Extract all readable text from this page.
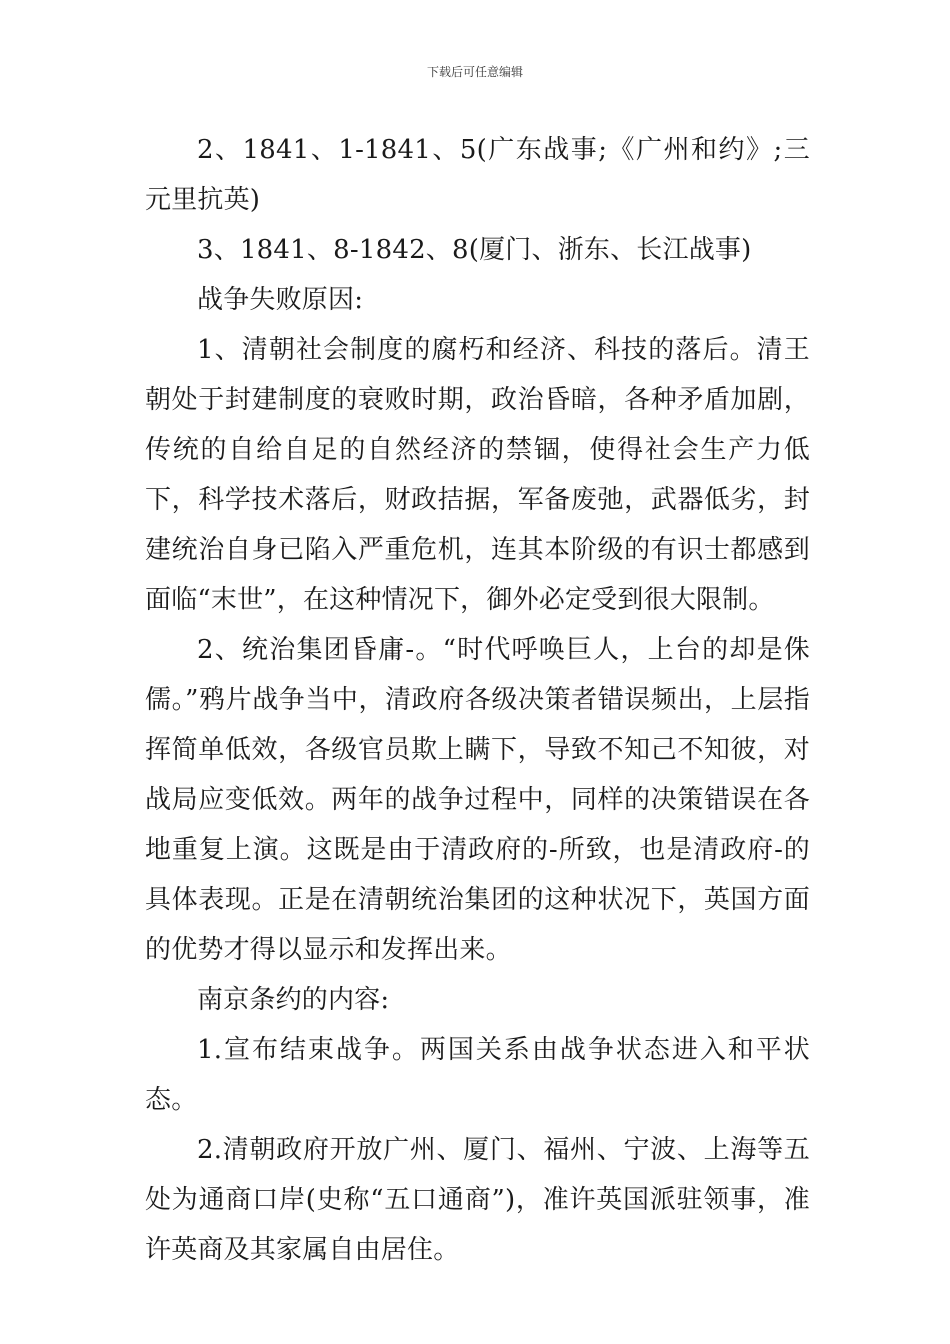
下载后可任意编辑

2、1841、1-1841、5(广东战事;《广州和约》;三元里抗英)

3、1841、8-1842、8(厦门、浙东、长江战事)

战争失败原因:

1、清朝社会制度的腐朽和经济、科技的落后。清王朝处于封建制度的衰败时期，政治昏暗，各种矛盾加剧，传统的自给自足的自然经济的禁锢，使得社会生产力低下，科学技术落后，财政拮据，军备废弛，武器低劣，封建统治自身已陷入严重危机，连其本阶级的有识士都感到面临“末世”，在这种情况下，御外必定受到很大限制。

2、统治集团昏庸-。“时代呼唤巨人，上台的却是侏儒。”鸦片战争当中，清政府各级决策者错误频出，上层指挥简单低效，各级官员欺上瞒下，导致不知己不知彼，对战局应变低效。两年的战争过程中，同样的决策错误在各地重复上演。这既是由于清政府的-所致，也是清政府-的具体表现。正是在清朝统治集团的这种状况下，英国方面的优势才得以显示和发挥出来。

南京条约的内容:

1.宣布结束战争。两国关系由战争状态进入和平状态。

2.清朝政府开放广州、厦门、福州、宁波、上海等五处为通商口岸(史称“五口通商”)，准许英国派驻领事，准许英商及其家属自由居住。
